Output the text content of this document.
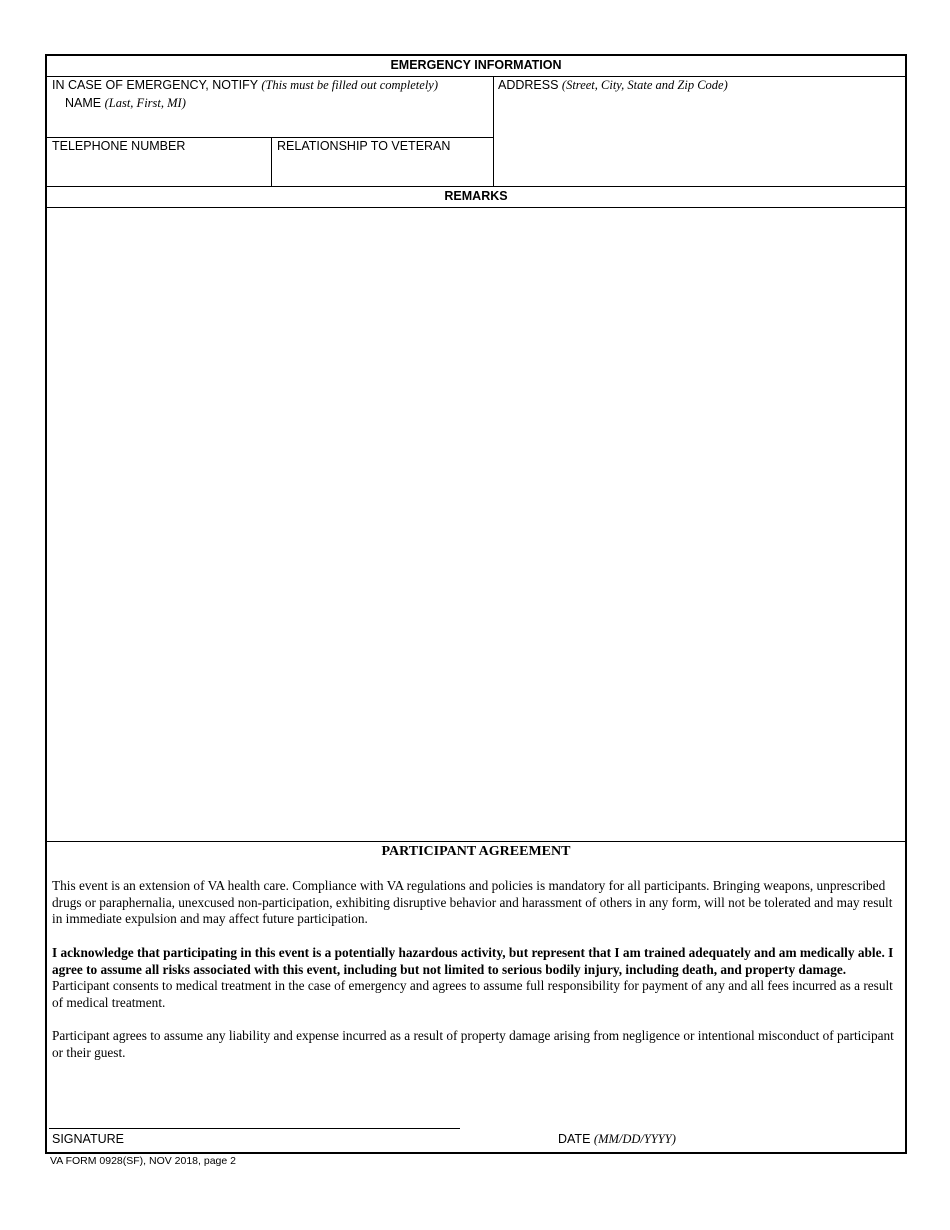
EMERGENCY INFORMATION
IN CASE OF EMERGENCY, NOTIFY (This must be filled out completely)
NAME (Last, First, MI)
ADDRESS (Street, City, State and Zip Code)
TELEPHONE NUMBER	RELATIONSHIP TO VETERAN
REMARKS
PARTICIPANT AGREEMENT

This event is an extension of VA health care. Compliance with VA regulations and policies is mandatory for all participants. Bringing weapons, unprescribed drugs or paraphernalia, unexcused non-participation, exhibiting disruptive behavior and harassment of others in any form, will not be tolerated and may result in immediate expulsion and may affect future participation.

I acknowledge that participating in this event is a potentially hazardous activity, but represent that I am trained adequately and am medically able. I agree to assume all risks associated with this event, including but not limited to serious bodily injury, including death, and property damage. Participant consents to medical treatment in the case of emergency and agrees to assume full responsibility for payment of any and all fees incurred as a result of medical treatment.

Participant agrees to assume any liability and expense incurred as a result of property damage arising from negligence or intentional misconduct of participant or their guest.

SIGNATURE	DATE (MM/DD/YYYY)
VA FORM 0928(SF), NOV 2018, page 2
